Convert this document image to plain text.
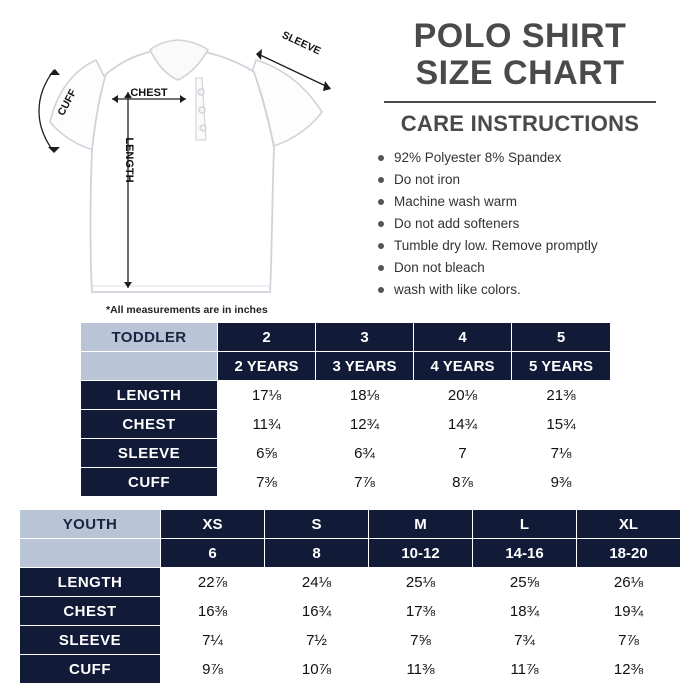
CHEST
LENGTH
SLEEVE
CUFF
*All measurements are in inches
POLO SHIRT
SIZE CHART
CARE INSTRUCTIONS
92% Polyester 8% Spandex
Do not iron
Machine wash warm
Do not add softeners
Tumble dry low. Remove promptly
Don not bleach
wash with like colors.
TODDLER	2	3	4	5
	2 YEARS	3 YEARS	4 YEARS	5 YEARS
LENGTH	17⅛	18⅛	20⅛	21⅜
CHEST	11¾	12¾	14¾	15¾
SLEEVE	6⅝	6¾	7	7⅛
CUFF	7⅜	7⅞	8⅞	9⅜
YOUTH	XS	S	M	L	XL
	6	8	10-12	14-16	18-20
LENGTH	22⅞	24⅛	25⅛	25⅝	26⅛
CHEST	16⅜	16¾	17⅜	18¾	19¾
SLEEVE	7¼	7½	7⅝	7¾	7⅞
CUFF	9⅞	10⅞	11⅜	11⅞	12⅜
